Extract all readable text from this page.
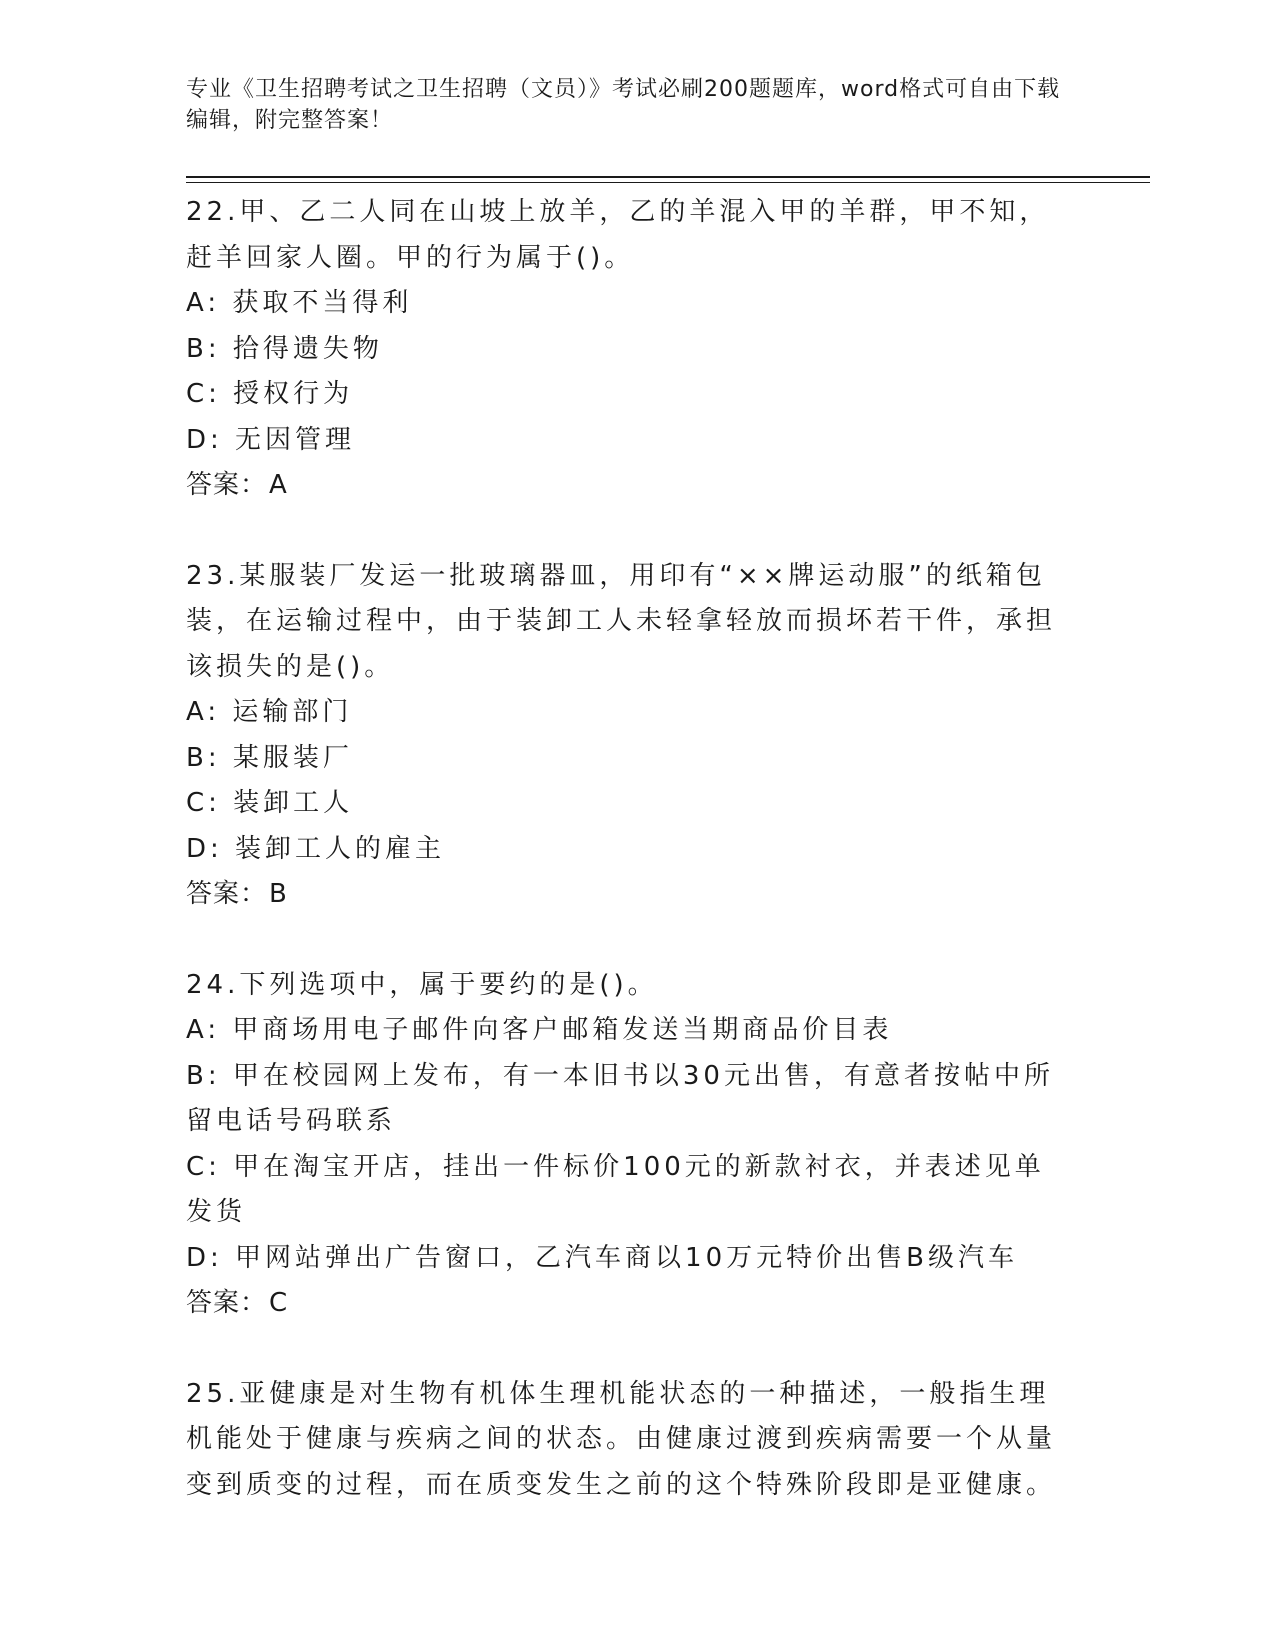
专业《卫生招聘考试之卫生招聘（文员）》考试必刷200题题库，word格式可自由下载编辑，附完整答案！
22.甲、乙二人同在山坡上放羊，乙的羊混入甲的羊群，甲不知，赶羊回家人圈。甲的行为属于()。
A: 获取不当得利
B: 拾得遗失物
C: 授权行为
D: 无因管理
答案：A
23.某服装厂发运一批玻璃器皿，用印有“××牌运动服”的纸箱包装，在运输过程中，由于装卸工人未轻拿轻放而损坏若干件，承担该损失的是()。
A: 运输部门
B: 某服装厂
C: 装卸工人
D: 装卸工人的雇主
答案：B
24.下列选项中，属于要约的是()。
A: 甲商场用电子邮件向客户邮箱发送当期商品价目表
B: 甲在校园网上发布，有一本旧书以30元出售，有意者按帖中所留电话号码联系
C: 甲在淘宝开店，挂出一件标价100元的新款衬衣，并表述见单发货
D: 甲网站弹出广告窗口，乙汽车商以10万元特价出售B级汽车
答案：C
25.亚健康是对生物有机体生理机能状态的一种描述，一般指生理机能处于健康与疾病之间的状态。由健康过渡到疾病需要一个从量变到质变的过程，而在质变发生之前的这个特殊阶段即是亚健康。
